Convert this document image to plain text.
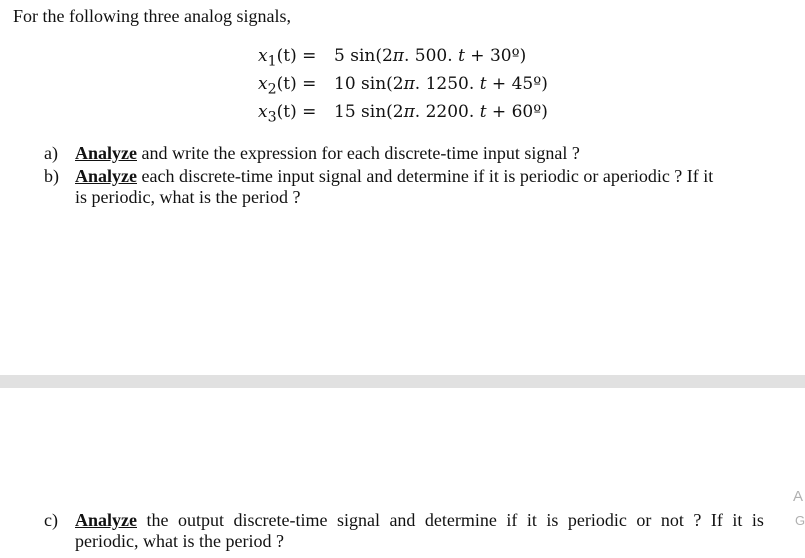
For the following three analog signals,
$x_1(t)$ =	5 sin(2π. 500. t + 30º)
$x_2(t)$ =	10 sin(2π. 1250. t + 45º)
$x_3(t)$ =	15 sin(2π. 2200. t + 60º)
a) Analyze and write the expression for each discrete-time input signal ?
b) Analyze each discrete-time input signal and determine if it is periodic or aperiodic ? If it
is periodic, what is the period ?
c) Analyze the output discrete-time signal and determine if it is periodic or not ? If it is
periodic, what is the period ?
A
G
